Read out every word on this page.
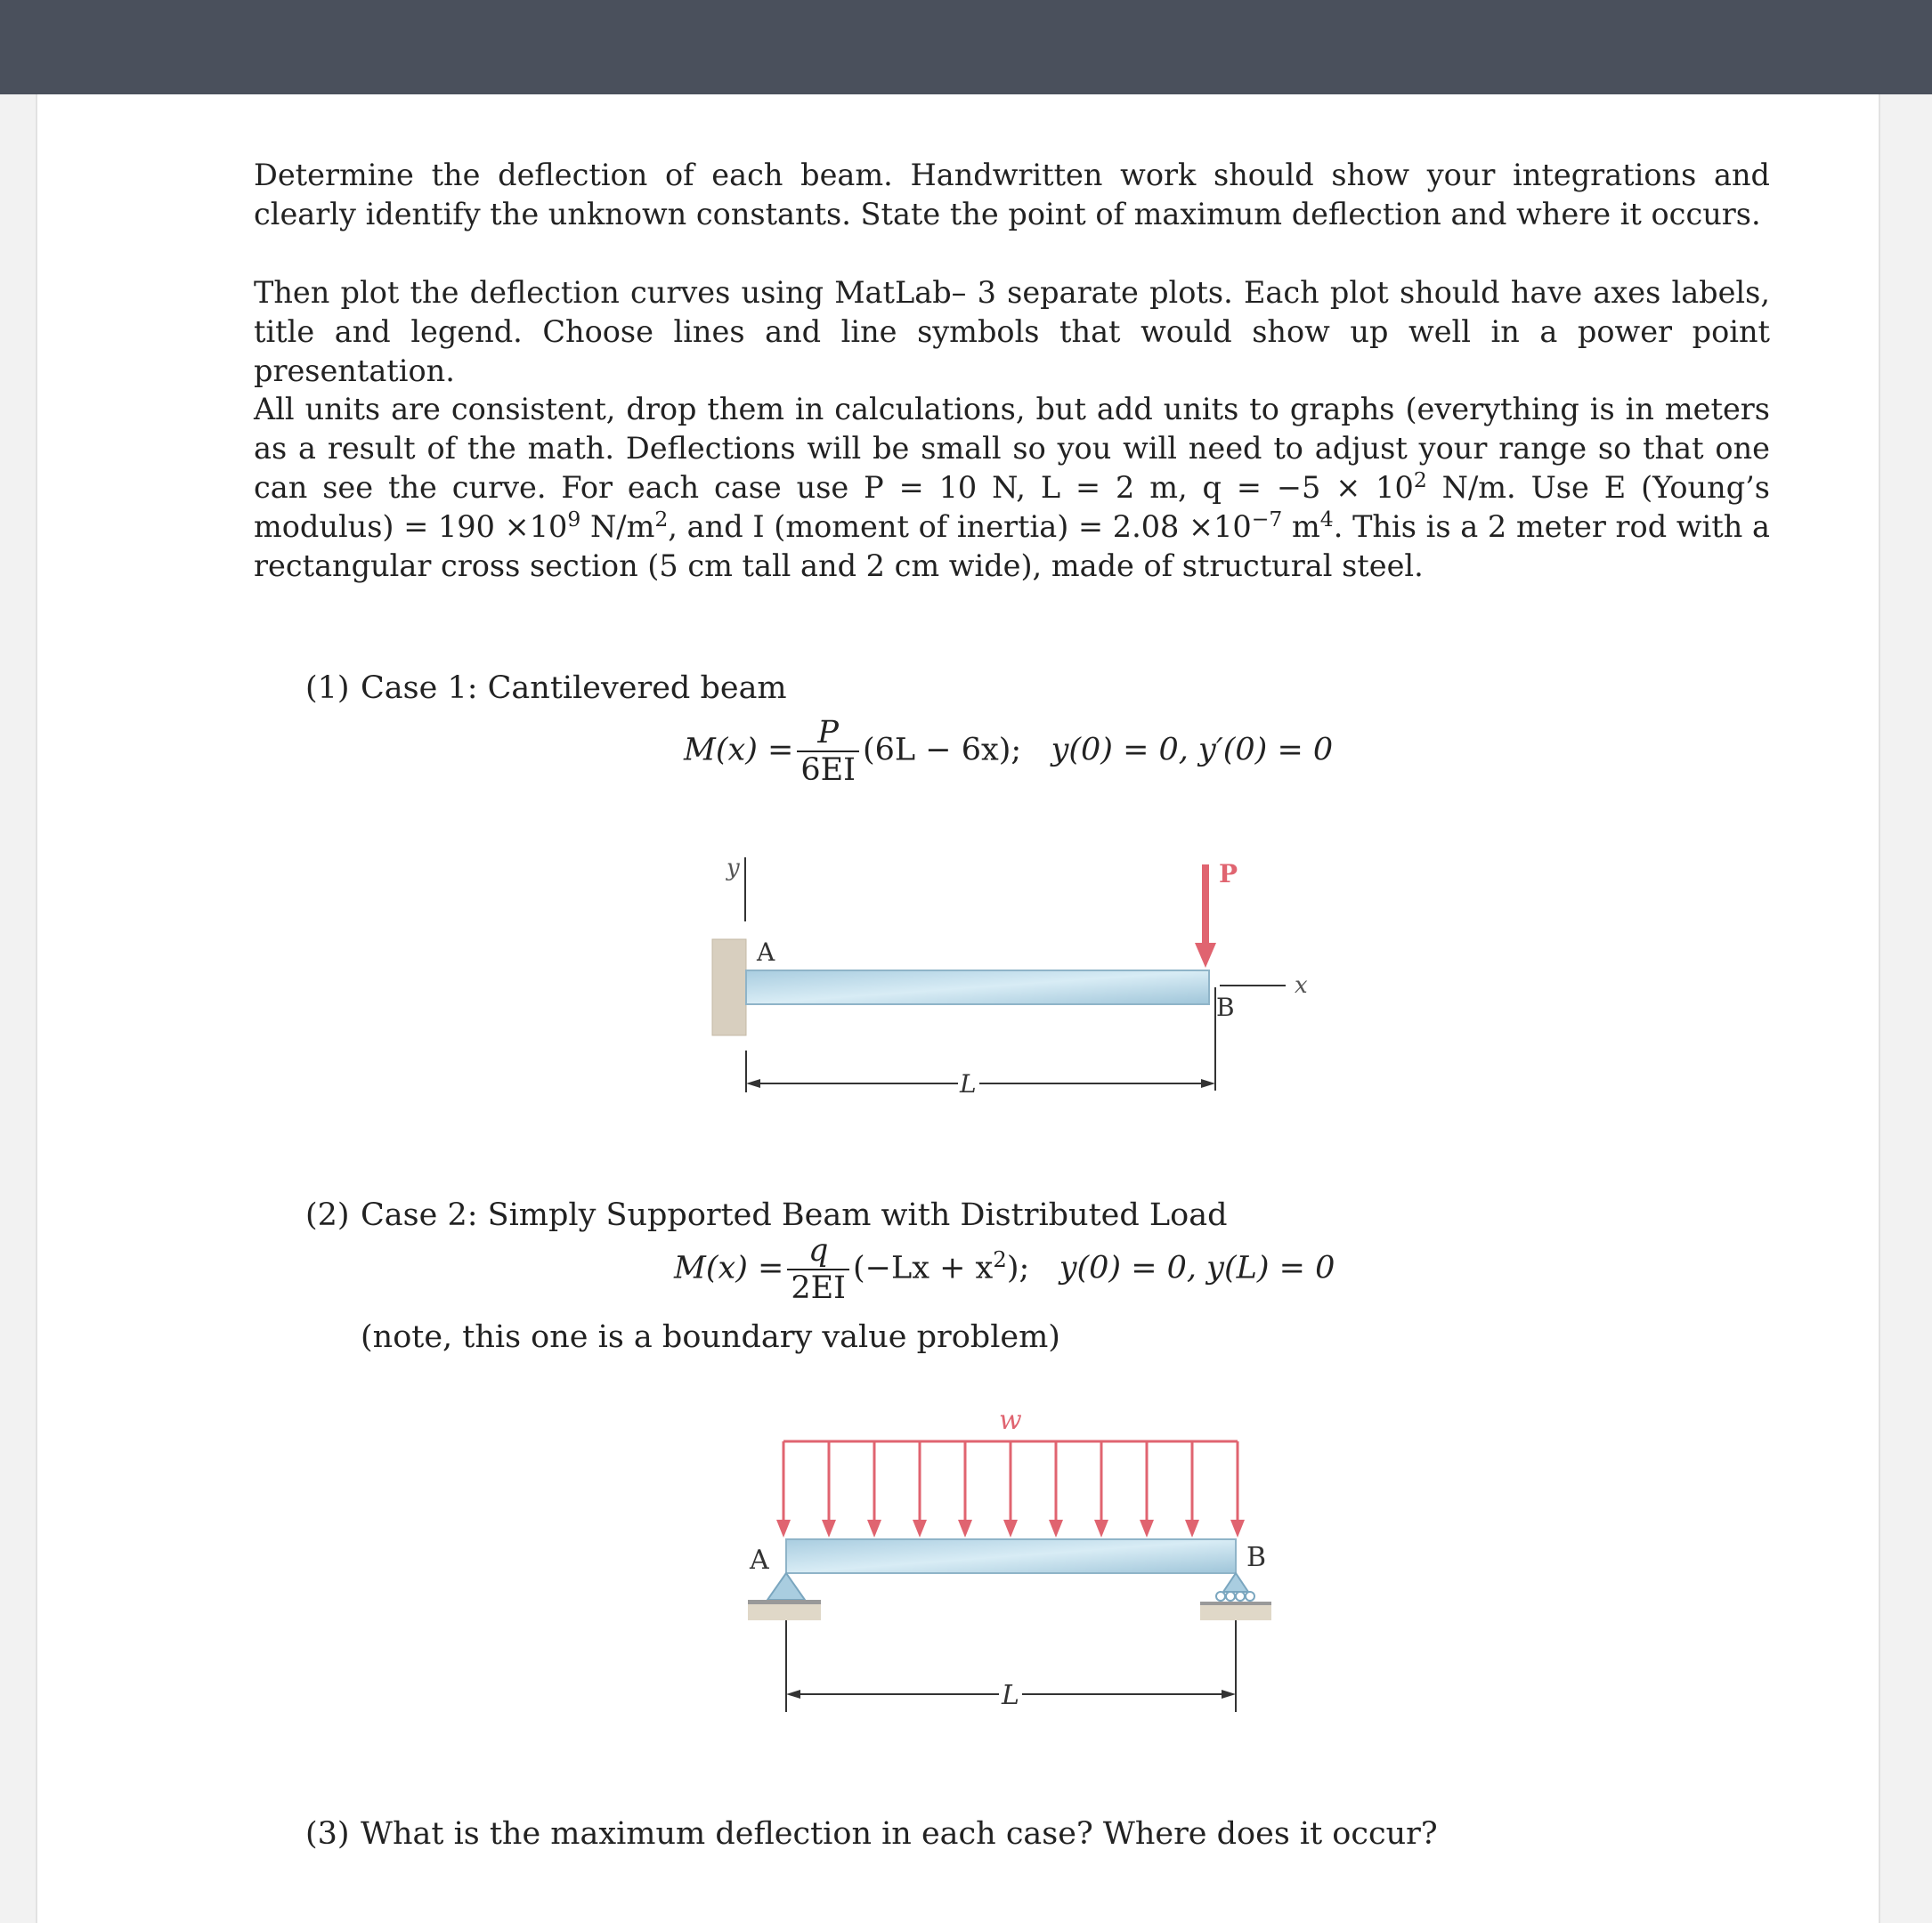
Determine the deflection of each beam. Handwritten work should show your integrations and clearly identify the unknown constants. State the point of maximum deflection and where it occurs.

Then plot the deflection curves using MatLab– 3 separate plots. Each plot should have axes labels, title and legend. Choose lines and line symbols that would show up well in a power point presentation.

All units are consistent, drop them in calculations, but add units to graphs (everything is in meters as a result of the math. Deflections will be small so you will need to adjust your range so that one can see the curve. For each case use P = 10 N, L = 2 m, $q = -5 \times 10^2$ N/m. Use E (Young’s modulus) = $190 \times 10^9$ $N/m^2$, and I (moment of inertia) = $2.08 \times 10^{-7}$ $m^4$. This is a 2 meter rod with a rectangular cross section (5 cm tall and 2 cm wide), made of structural steel.

(1) Case 1: Cantilevered beam
$M(x) = \frac{P}{6EI} (6L - 6x)$; y(0) = 0, y′(0) = 0
y
A
P
B
x
L
(2) Case 2: Simply Supported Beam with Distributed Load
$M(x) = \frac{q}{2EI} (-Lx + x^2)$; y(0) = 0, y(L) = 0
(note, this one is a boundary value problem)
w
A	B
L
(3) What is the maximum deflection in each case? Where does it occur?
